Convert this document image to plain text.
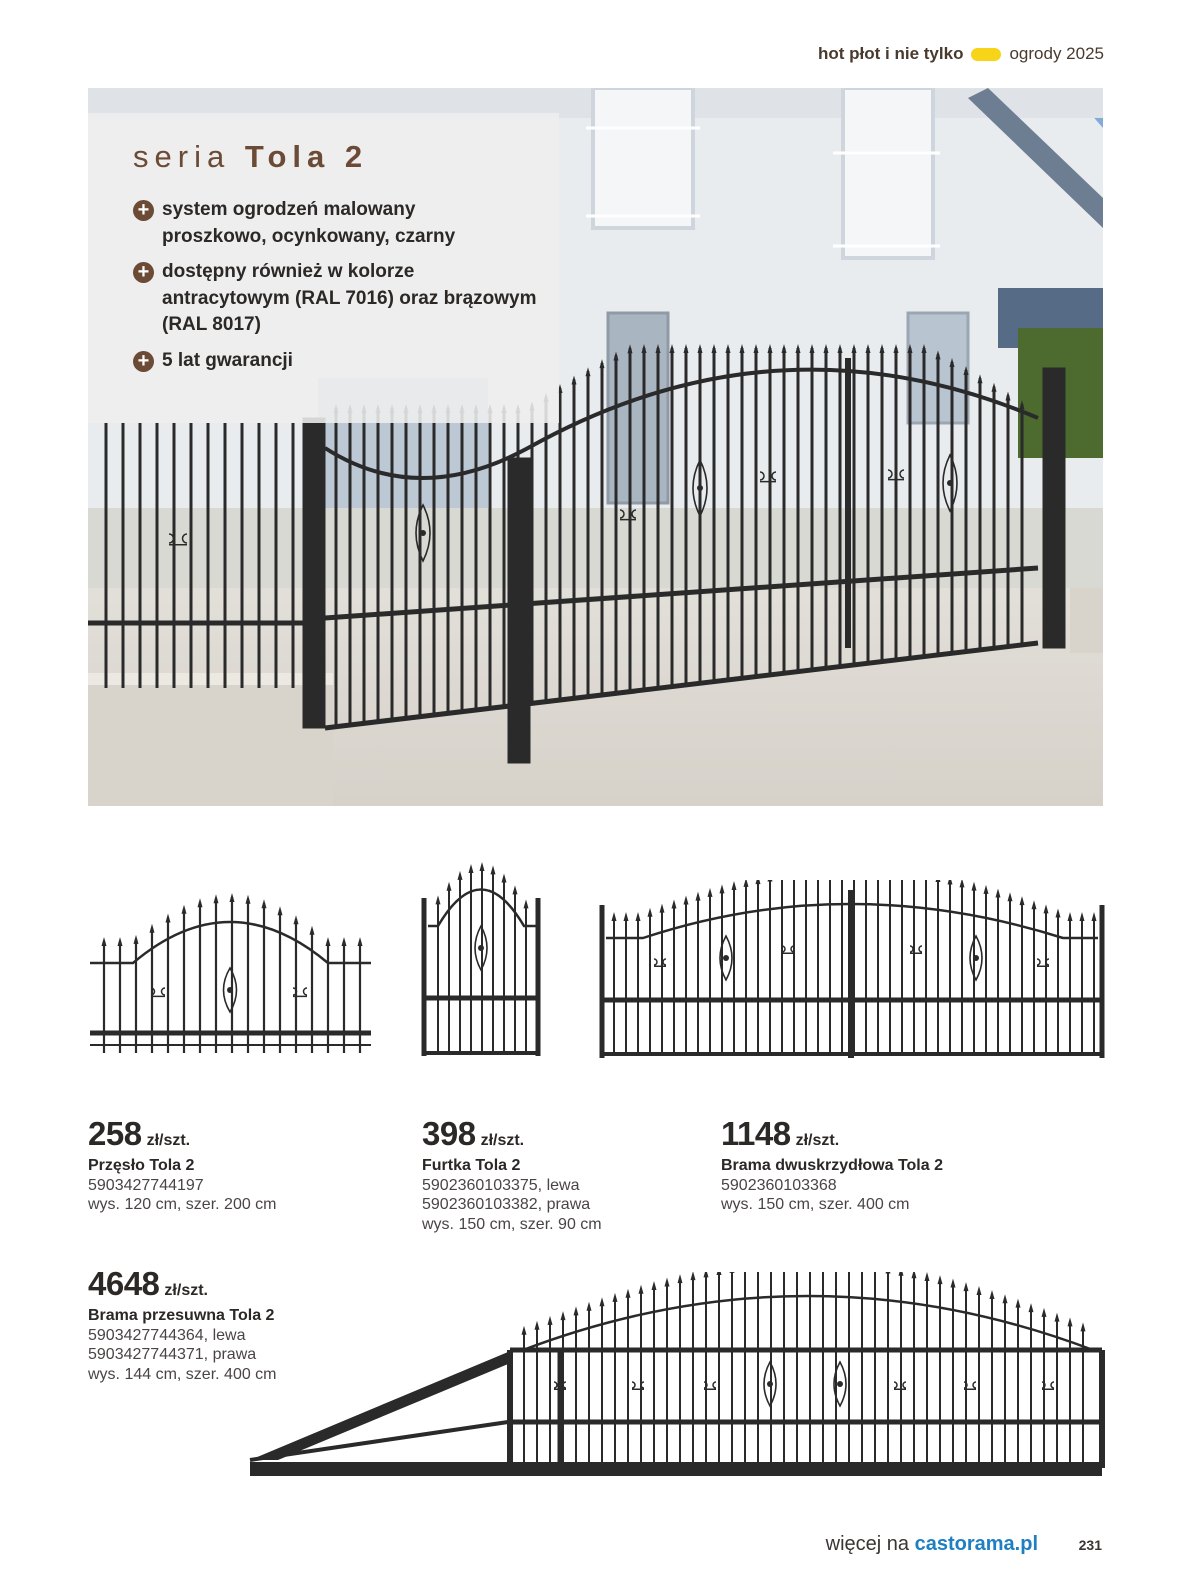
hot płot i nie tylko	ogrody 2025
seria Tola 2
+ system ogrodzeń malowany proszkowo, ocynkowany, czarny
+ dostępny również w kolorze antracytowym (RAL 7016) oraz brązowym (RAL 8017)
+ 5 lat gwarancji
258 zł/szt.
Przęsło Tola 2
5903427744197
wys. 120 cm, szer. 200 cm
398 zł/szt.
Furtka Tola 2
5902360103375, lewa
5902360103382, prawa
wys. 150 cm, szer. 90 cm
1148 zł/szt.
Brama dwuskrzydłowa Tola 2
5902360103368
wys. 150 cm, szer. 400 cm
4648 zł/szt.
Brama przesuwna Tola 2
5903427744364, lewa
5903427744371, prawa
wys. 144 cm, szer. 400 cm
więcej na castorama.pl	231
